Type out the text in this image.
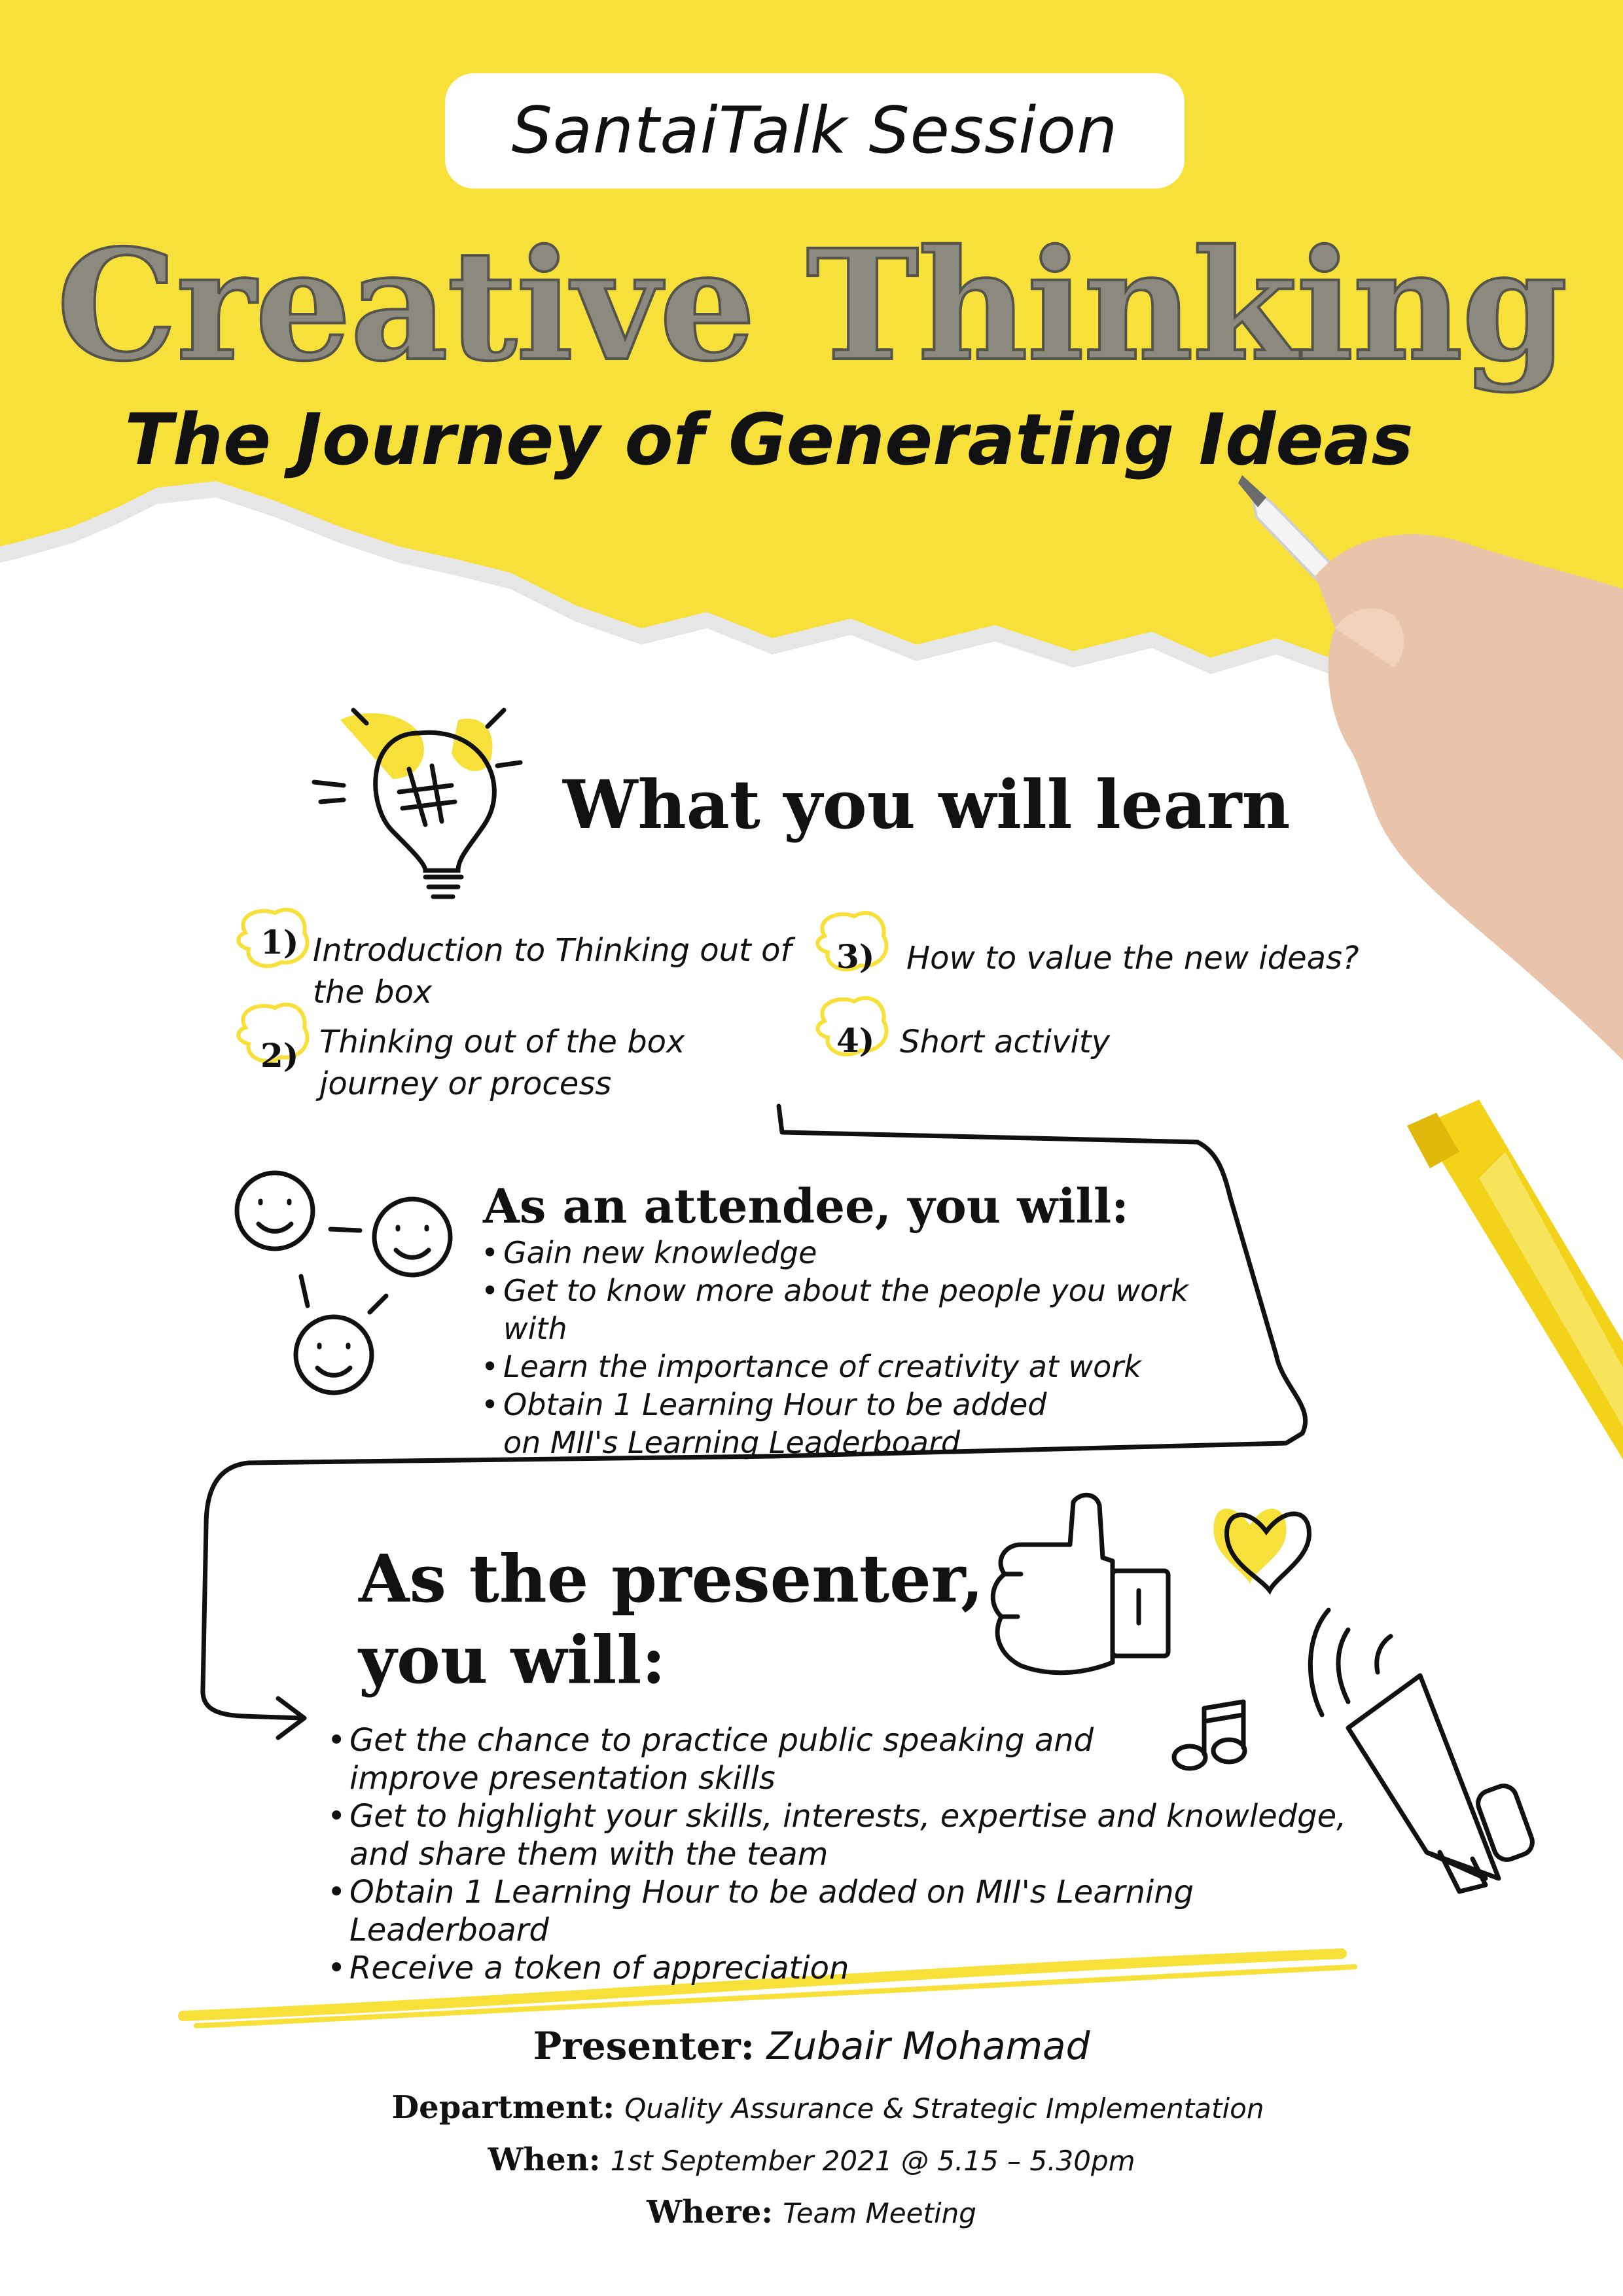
SantaiTalk Session
Creative Thinking
The Journey of Generating Ideas
What you will learn
1) Introduction to Thinking out of the box
2) Thinking out of the box journey or process
3) How to value the new ideas?
4) Short activity
As an attendee, you will:
• Gain new knowledge
• Get to know more about the people you work with
• Learn the importance of creativity at work
• Obtain 1 Learning Hour to be added on MII's Learning Leaderboard
As the presenter,
you will:
• Get the chance to practice public speaking and improve presentation skills
• Get to highlight your skills, interests, expertise and knowledge, and share them with the team
• Obtain 1 Learning Hour to be added on MII's Learning Leaderboard
• Receive a token of appreciation
Presenter: Zubair Mohamad
Department: Quality Assurance & Strategic Implementation
When: 1st September 2021 @ 5.15 – 5.30pm
Where: Team Meeting
